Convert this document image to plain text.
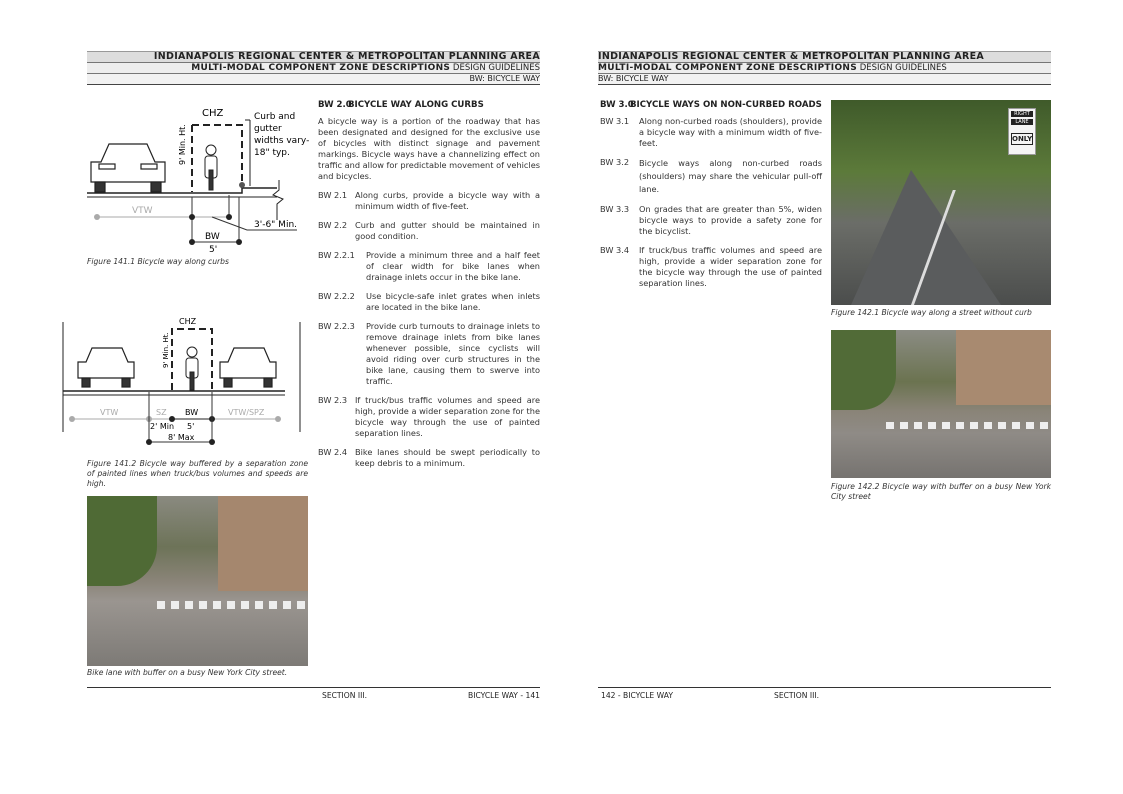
INDIANAPOLIS REGIONAL CENTER & METROPOLITAN PLANNING AREA
MULTI-MODAL COMPONENT ZONE DESCRIPTIONS DESIGN GUIDELINES
BW: BICYCLE WAY
INDIANAPOLIS REGIONAL CENTER & METROPOLITAN PLANNING AREA
MULTI-MODAL COMPONENT ZONE DESCRIPTIONS DESIGN GUIDELINES
BW: BICYCLE WAY
CHZ
9' Min. Ht.
Curb and
gutter
widths vary-
18" typ.
VTW
3'-6" Min.
BW
5'
Figure 141.1 Bicycle way along curbs
CHZ
9' Min. Ht.
VTW	SZ BW	VTW/SPZ
2' Min 5'
8' Max
Figure 141.2 Bicycle way buffered by a separation zone of painted lines when truck/bus volumes and speeds are high.
Bike lane with buffer on a busy New York City street.
BW 2.0
BICYCLE WAY ALONG CURBS

A bicycle way is a portion of the roadway that has been designated and designed for the exclusive use of bicycles with distinct signage and pavement markings. Bicycle ways have a channelizing effect on traffic and allow for predictable movement of vehicles and bicycles.

BW 2.1 Along curbs, provide a bicycle way with a minimum width of five-feet.
BW 2.2 Curb and gutter should be maintained in good condition.
BW 2.2.1	Provide a minimum three and a half feet of clear width for bike lanes when drainage inlets occur in the bike lane.
BW 2.2.2	Use bicycle-safe inlet grates when inlets are located in the bike lane.
BW 2.2.3	Provide curb turnouts to drainage inlets to remove drainage inlets from bike lanes whenever possible, since cyclists will avoid riding over curb structures in the bike lane, causing them to swerve into traffic.
BW 2.3 If truck/bus traffic volumes and speed are high, provide a wider separation zone for the bicycle way through the use of painted separation lines.
BW 2.4 Bike lanes should be swept periodically to keep debris to a minimum.
BW 3.0
BICYCLE WAYS ON NON-CURBED ROADS
BW 3.1	Along non-curbed roads (shoulders), provide a bicycle way with a minimum width of five-feet.
BW 3.2	Bicycle ways along non-curbed roads (shoulders) may share the vehicular pull-off lane.
BW 3.3	On grades that are greater than 5%, widen bicycle ways to provide a safety zone for the bicyclist.
BW 3.4	If truck/bus traffic volumes and speed are high, provide a wider separation zone for the bicycle way through the use of painted separation lines.
RIGHT
LANE
ONLY
Figure 142.1 Bicycle way along a street without curb
Figure 142.2 Bicycle way with buffer on a busy New York City street
SECTION III.	BICYCLE WAY - 141	142 - BICYCLE WAY	SECTION III.
